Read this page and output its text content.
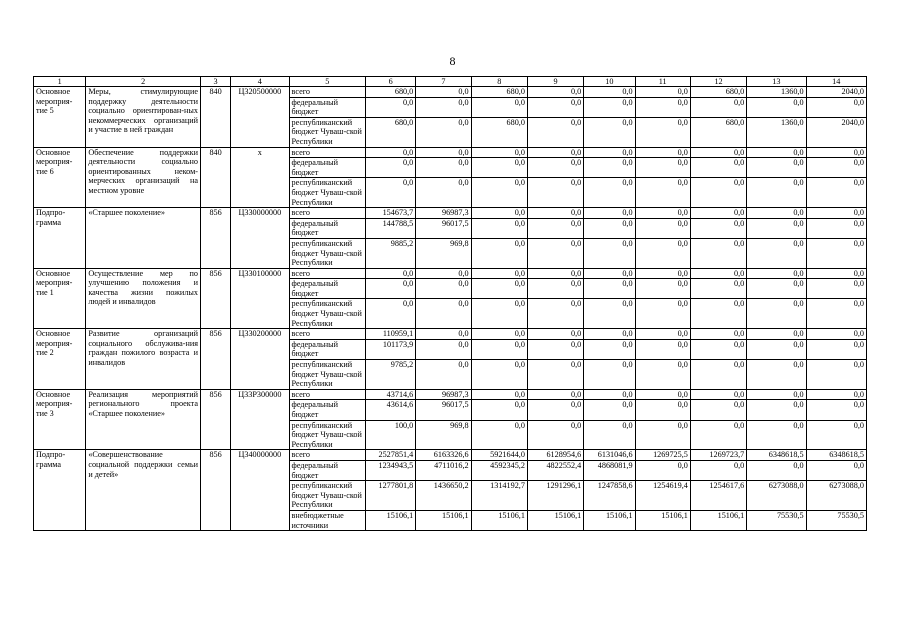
8
1	2	3	4	5	6	7	8	9	10	11	12	13	14
Основное мероприя-тие 5	Меры, стимулирующие поддержку деятельности социально ориентирован-ных некоммерческих организаций и участие в ней граждан	840	Ц320500000	всего	680,0	0,0	680,0	0,0	0,0	0,0	680,0	1360,0	2040,0
				федеральный бюджет	0,0	0,0	0,0	0,0	0,0	0,0	0,0	0,0	0,0
				республиканский бюджет Чуваш-ской Республики	680,0	0,0	680,0	0,0	0,0	0,0	680,0	1360,0	2040,0
Основное мероприя-тие 6	Обеспечение поддержки деятельности социально ориентированных неком-мерческих организаций на местном уровне	840	х	всего	0,0	0,0	0,0	0,0	0,0	0,0	0,0	0,0	0,0
				федеральный бюджет	0,0	0,0	0,0	0,0	0,0	0,0	0,0	0,0	0,0
				республиканский бюджет Чуваш-ской Республики	0,0	0,0	0,0	0,0	0,0	0,0	0,0	0,0	0,0
Подпро-грамма	«Старшее поколение»	856	Ц330000000	всего	154673,7	96987,3	0,0	0,0	0,0	0,0	0,0	0,0	0,0
				федеральный бюджет	144788,5	96017,5	0,0	0,0	0,0	0,0	0,0	0,0	0,0
				республиканский бюджет Чуваш-ской Республики	9885,2	969,8	0,0	0,0	0,0	0,0	0,0	0,0	0,0
Основное мероприя-тие 1	Осуществление мер по улучшению положения и качества жизни пожилых людей и инвалидов	856	Ц330100000	всего	0,0	0,0	0,0	0,0	0,0	0,0	0,0	0,0	0,0
				федеральный бюджет	0,0	0,0	0,0	0,0	0,0	0,0	0,0	0,0	0,0
				республиканский бюджет Чуваш-ской Республики	0,0	0,0	0,0	0,0	0,0	0,0	0,0	0,0	0,0
Основное мероприя-тие 2	Развитие организаций социального обслужива-ния граждан пожилого возраста и инвалидов	856	Ц330200000	всего	110959,1	0,0	0,0	0,0	0,0	0,0	0,0	0,0	0,0
				федеральный бюджет	101173,9	0,0	0,0	0,0	0,0	0,0	0,0	0,0	0,0
				республиканский бюджет Чуваш-ской Республики	9785,2	0,0	0,0	0,0	0,0	0,0	0,0	0,0	0,0
Основное мероприя-тие 3	Реализация мероприятий регионального проекта «Старшее поколение»	856	Ц33Р300000	всего	43714,6	96987,3	0,0	0,0	0,0	0,0	0,0	0,0	0,0
				федеральный бюджет	43614,6	96017,5	0,0	0,0	0,0	0,0	0,0	0,0	0,0
				республиканский бюджет Чуваш-ской Республики	100,0	969,8	0,0	0,0	0,0	0,0	0,0	0,0	0,0
Подпро-грамма	«Совершенствование социальной поддержки семьи и детей»	856	Ц340000000	всего	2527851,4	6163326,6	5921644,0	6128954,6	6131046,6	1269725,5	1269723,7	6348618,5	6348618,5
				федеральный бюджет	1234943,5	4711016,2	4592345,2	4822552,4	4868081,9	0,0	0,0	0,0	0,0
				республиканский бюджет Чуваш-ской Республики	1277801,8	1436650,2	1314192,7	1291296,1	1247858,6	1254619,4	1254617,6	6273088,0	6273088,0
				внебюджетные источники	15106,1	15106,1	15106,1	15106,1	15106,1	15106,1	15106,1	75530,5	75530,5
